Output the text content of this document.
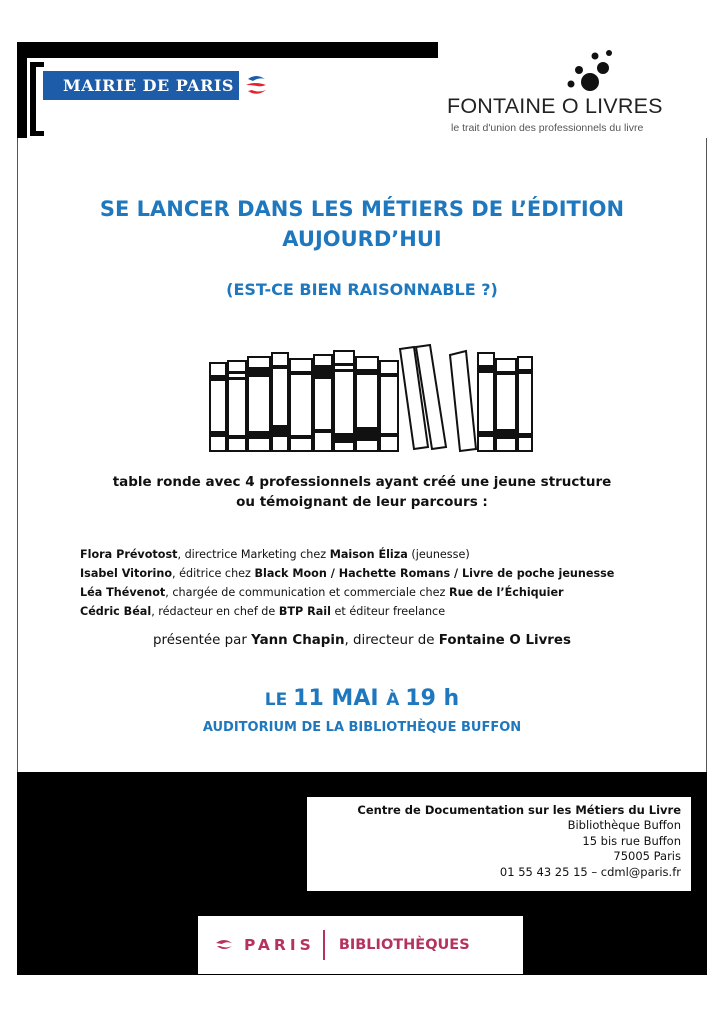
MAIRIE DE PARIS
FONTAINE O LIVRES
le trait d'union des professionnels du livre
SE LANCER DANS LES MÉTIERS DE L’ÉDITION
AUJOURD’HUI
(EST-CE BIEN RAISONNABLE ?)
table ronde avec 4 professionnels ayant créé une jeune structure
ou témoignant de leur parcours :
Flora Prévotost, directrice Marketing chez Maison Éliza (jeunesse)
Isabel Vitorino, éditrice chez Black Moon / Hachette Romans / Livre de poche jeunesse
Léa Thévenot, chargée de communication et commerciale chez Rue de l’Échiquier
Cédric Béal, rédacteur en chef de BTP Rail et éditeur freelance
présentée par Yann Chapin, directeur de Fontaine O Livres
LE 11 MAI À 19 h
AUDITORIUM DE LA BIBLIOTHÈQUE BUFFON
Centre de Documentation sur les Métiers du Livre
Bibliothèque Buffon
15 bis rue Buffon
75005 Paris
01 55 43 25 15 – cdml@paris.fr
PARIS BIBLIOTHÈQUES
